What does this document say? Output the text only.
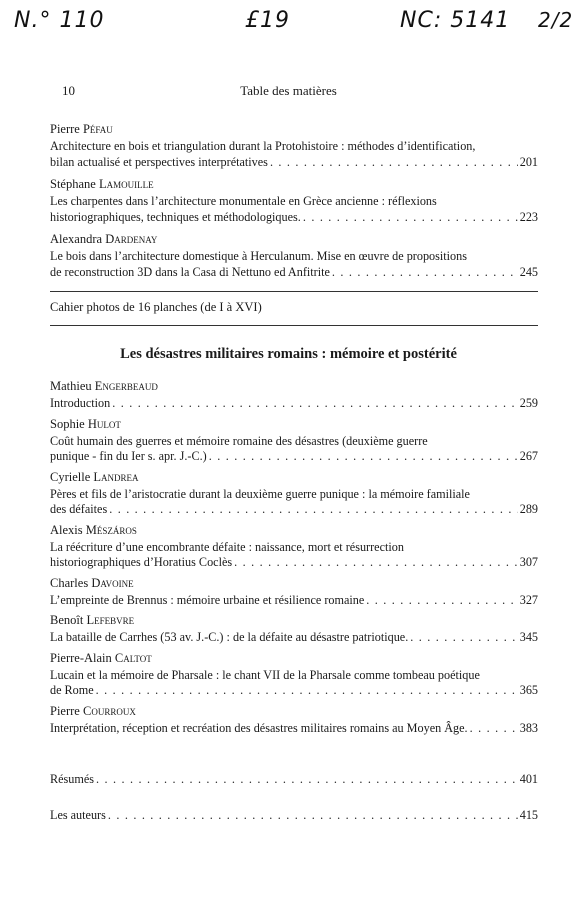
N.° 110	£19	NC: 5141 2/2
10	Table des matières
Pierre Péfau
Architecture en bois et triangulation durant la Protohistoire : méthodes d’identification,
bilan actualisé et perspectives interprétatives . . .	201
Stéphane Lamouille
Les charpentes dans l’architecture monumentale en Grèce ancienne : réflexions
historiographiques, techniques et méthodologiques. . . .	223
Alexandra Dardenay
Le bois dans l’architecture domestique à Herculanum. Mise en œuvre de propositions
de reconstruction 3D dans la Casa di Nettuno ed Anfitrite . . .	245
Cahier photos de 16 planches (de I à XVI)
Les désastres militaires romains : mémoire et postérité
Mathieu Engerbeaud
Introduction . . .	259
Sophie Hulot
Coût humain des guerres et mémoire romaine des désastres (deuxième guerre
punique - fin du Ier s. apr. J.-C.) . . .	267
Cyrielle Landrea
Pères et fils de l’aristocratie durant la deuxième guerre punique : la mémoire familiale
des défaites . . .	289
Alexis Mészáros
La réécriture d’une encombrante défaite : naissance, mort et résurrection
historiographiques d’Horatius Coclès . . .	307
Charles Davoine
L’empreinte de Brennus : mémoire urbaine et résilience romaine . . .	327
Benoît Lefebvre
La bataille de Carrhes (53 av. J.-C.) : de la défaite au désastre patriotique. . . .	345
Pierre-Alain Caltot
Lucain et la mémoire de Pharsale : le chant VII de la Pharsale comme tombeau poétique
de Rome . . .	365
Pierre Courroux
Interprétation, réception et recréation des désastres militaires romains au Moyen Âge. . . .	383
Résumés . . .	401
Les auteurs . . .	415
